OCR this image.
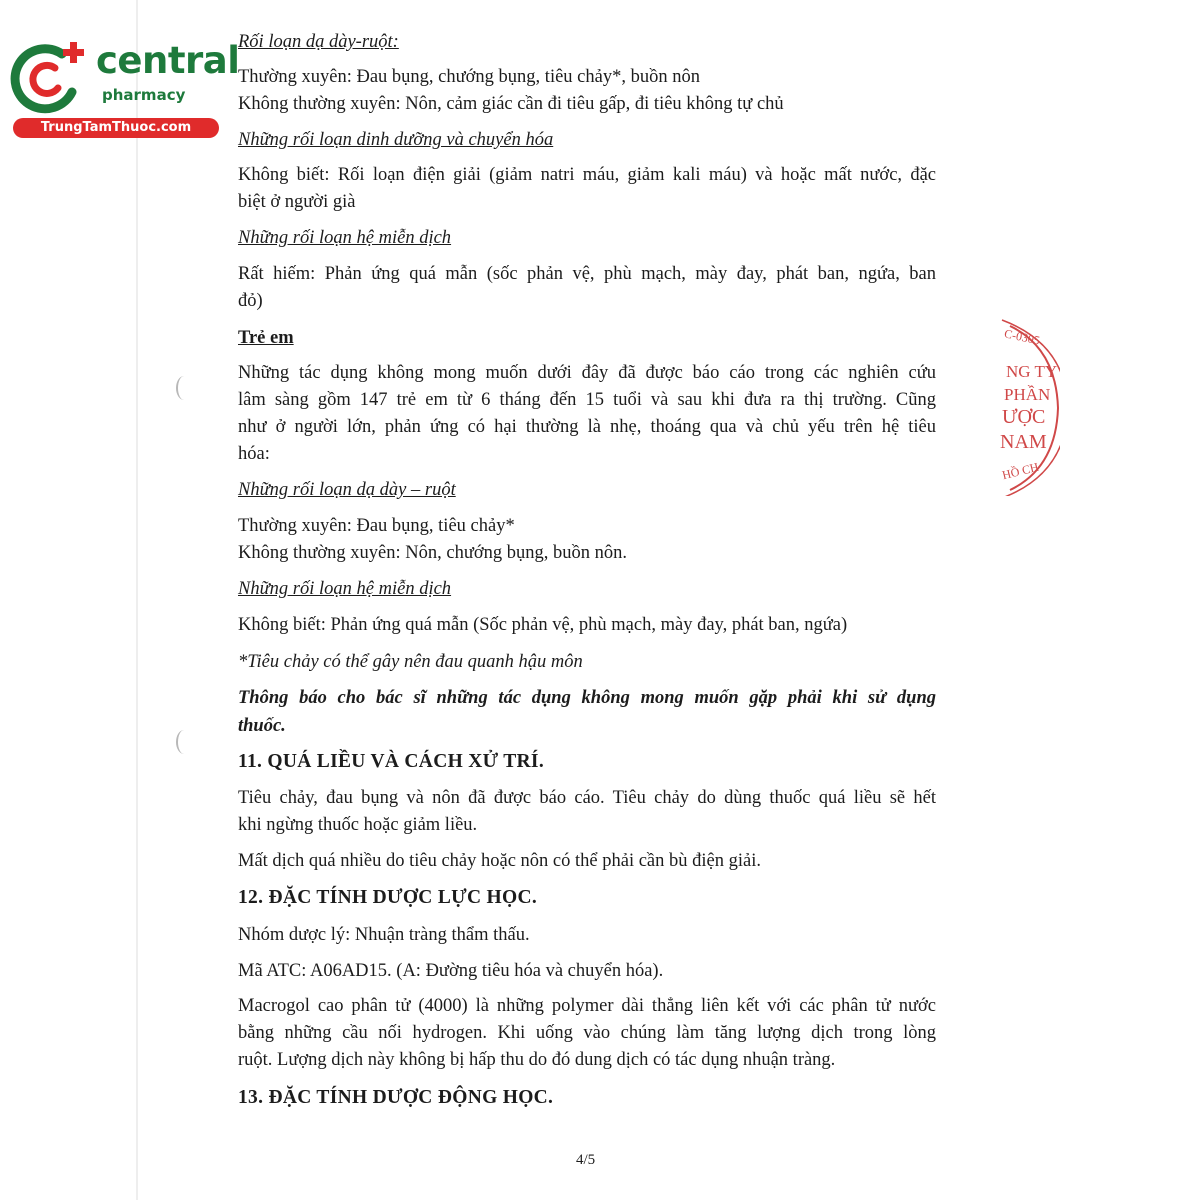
central
pharmacy
TrungTamThuoc.com
C-0305
NG TY
PHẦN
ƯỢC
NAM
HỒ CH
Rối loạn dạ dày-ruột:
Thường xuyên: Đau bụng, chướng bụng, tiêu chảy*, buồn nôn
Không thường xuyên: Nôn, cảm giác cần đi tiêu gấp, đi tiêu không tự chủ
Những rối loạn dinh dưỡng và chuyển hóa
Không biết: Rối loạn điện giải (giảm natri máu, giảm kali máu) và hoặc mất nước, đặc
biệt ở người già
Những rối loạn hệ miễn dịch
Rất hiếm: Phản ứng quá mẫn (sốc phản vệ, phù mạch, mày đay, phát ban, ngứa, ban
đỏ)
Trẻ em
Những tác dụng không mong muốn dưới đây đã được báo cáo trong các nghiên cứu
lâm sàng gồm 147 trẻ em từ 6 tháng đến 15 tuổi và sau khi đưa ra thị trường. Cũng
như ở người lớn, phản ứng có hại thường là nhẹ, thoáng qua và chủ yếu trên hệ tiêu
hóa:
Những rối loạn dạ dày – ruột
Thường xuyên: Đau bụng, tiêu chảy*
Không thường xuyên: Nôn, chướng bụng, buồn nôn.
Những rối loạn hệ miễn dịch
Không biết: Phản ứng quá mẫn (Sốc phản vệ, phù mạch, mày đay, phát ban, ngứa)
*Tiêu chảy có thể gây nên đau quanh hậu môn
Thông báo cho bác sĩ những tác dụng không mong muốn gặp phải khi sử dụng
thuốc.
11. QUÁ LIỀU VÀ CÁCH XỬ TRÍ.
Tiêu chảy, đau bụng và nôn đã được báo cáo. Tiêu chảy do dùng thuốc quá liều sẽ hết
khi ngừng thuốc hoặc giảm liều.
Mất dịch quá nhiều do tiêu chảy hoặc nôn có thể phải cần bù điện giải.
12. ĐẶC TÍNH DƯỢC LỰC HỌC.
Nhóm dược lý: Nhuận tràng thẩm thấu.
Mã ATC: A06AD15. (A: Đường tiêu hóa và chuyển hóa).
Macrogol cao phân tử (4000) là những polymer dài thẳng liên kết với các phân tử nước
bằng những cầu nối hydrogen. Khi uống vào chúng làm tăng lượng dịch trong lòng
ruột. Lượng dịch này không bị hấp thu do đó dung dịch có tác dụng nhuận tràng.
13. ĐẶC TÍNH DƯỢC ĐỘNG HỌC.
4/5
